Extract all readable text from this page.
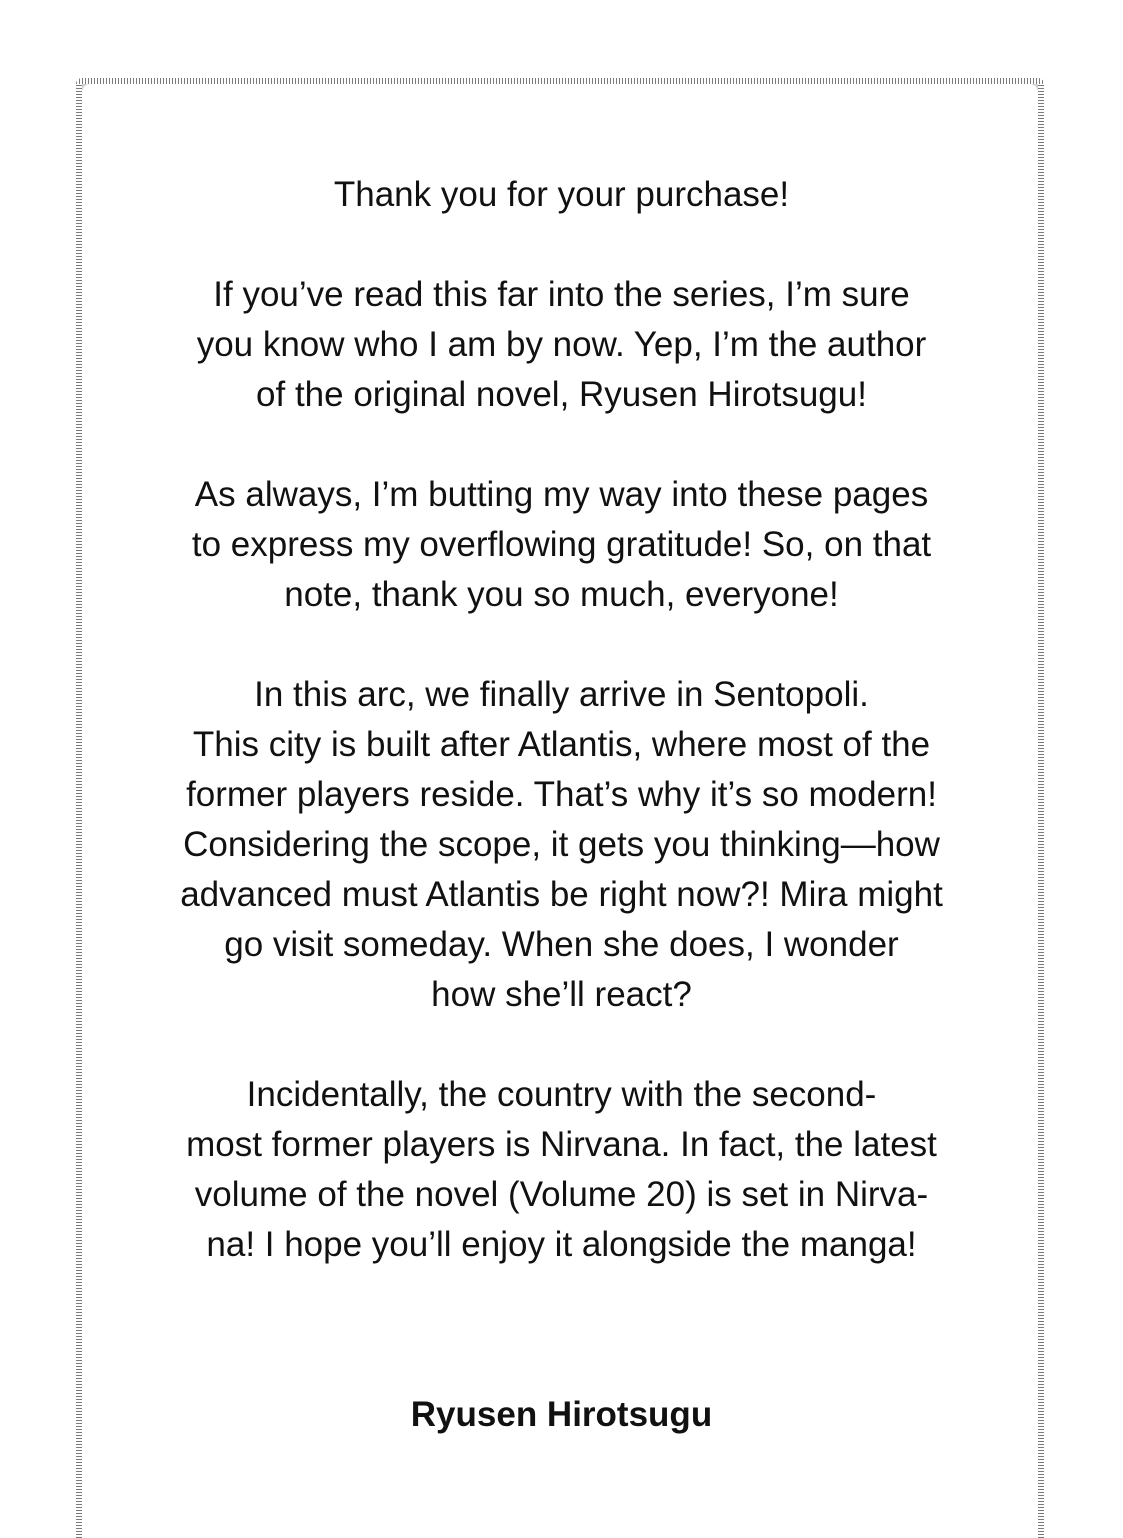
Thank you for your purchase!

If you’ve read this far into the series, I’m sure
you know who I am by now. Yep, I’m the author
of the original novel, Ryusen Hirotsugu!

As always, I’m butting my way into these pages
to express my overflowing gratitude! So, on that
note, thank you so much, everyone!

In this arc, we finally arrive in Sentopoli.
This city is built after Atlantis, where most of the
former players reside. That’s why it’s so modern!
Considering the scope, it gets you thinking—how
advanced must Atlantis be right now?! Mira might
go visit someday. When she does, I wonder
how she’ll react?

Incidentally, the country with the second-
most former players is Nirvana. In fact, the latest
volume of the novel (Volume 20) is set in Nirva-
na! I hope you’ll enjoy it alongside the manga!

Ryusen Hirotsugu
